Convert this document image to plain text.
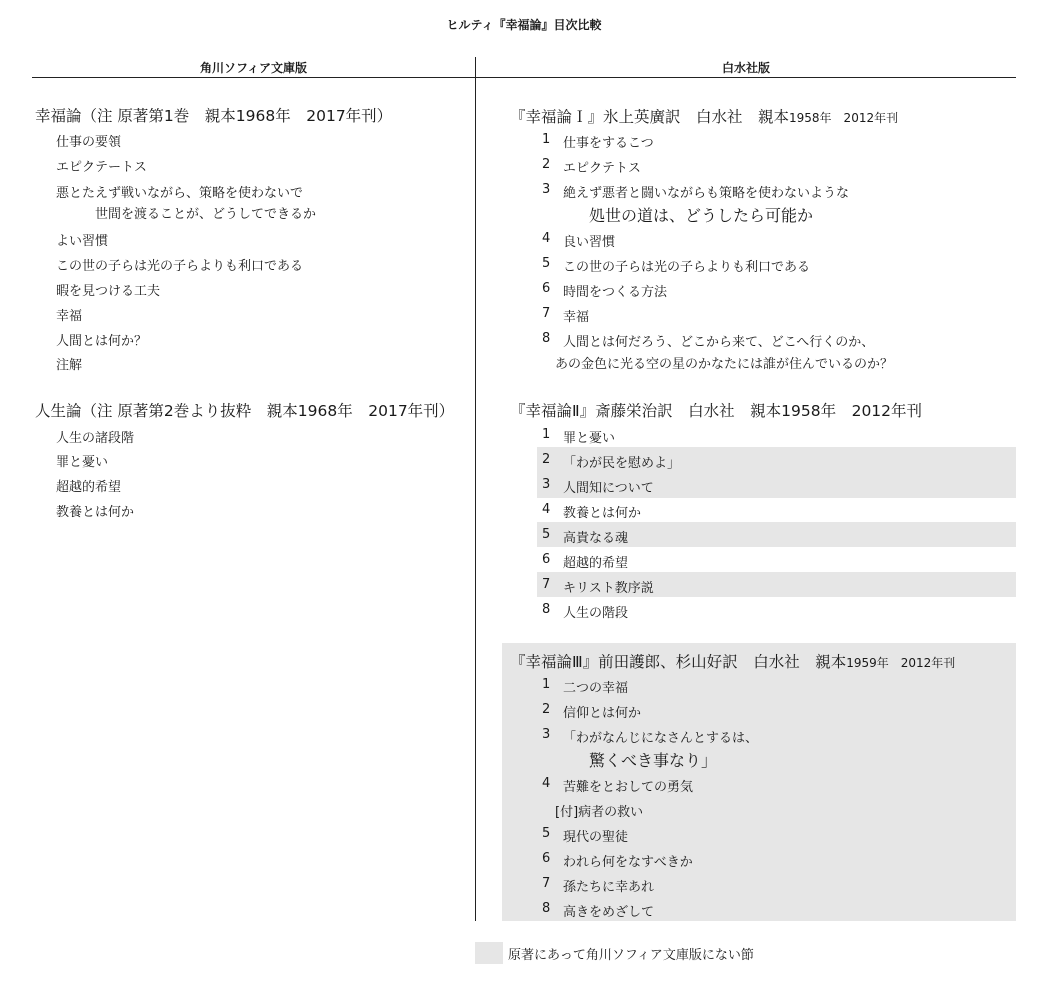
ヒルティ『幸福論』目次比較
角川ソフィア文庫版	白水社版
幸福論（注 原著第1巻　親本1968年　2017年刊）
仕事の要領
エピクテートス
悪とたえず戦いながら、策略を使わないで
世間を渡ることが、どうしてできるか
よい習慣
この世の子らは光の子らよりも利口である
暇を見つける工夫
幸福
人間とは何か？
注解
人生論（注 原著第2巻より抜粋　親本1968年　2017年刊）
人生の諸段階
罪と憂い
超越的希望
教養とは何か
『幸福論Ｉ』氷上英廣訳　白水社　親本1958年　2012年刊
1 仕事をするこつ
2 エピクテトス
3 絶えず悪者と闘いながらも策略を使わないような
処世の道は、どうしたら可能か
4 良い習慣
5 この世の子らは光の子らよりも利口である
6 時間をつくる方法
7 幸福
8 人間とは何だろう、どこから来て、どこへ行くのか、
あの金色に光る空の星のかなたには誰が住んでいるのか？
『幸福論Ⅱ』斎藤栄治訳　白水社　親本1958年　2012年刊
1 罪と憂い
2 「わが民を慰めよ」
3 人間知について
4 教養とは何か
5 高貴なる魂
6 超越的希望
7 キリスト教序説
8 人生の階段
『幸福論Ⅲ』前田護郎、杉山好訳　白水社　親本1959年　2012年刊
1 二つの幸福
2 信仰とは何か
3 「わがなんじになさんとするは、
驚くべき事なり」
4 苦難をとおしての勇気
[付]病者の救い
5 現代の聖徒
6 われら何をなすべきか
7 孫たちに幸あれ
8 高きをめざして
原著にあって角川ソフィア文庫版にない節
